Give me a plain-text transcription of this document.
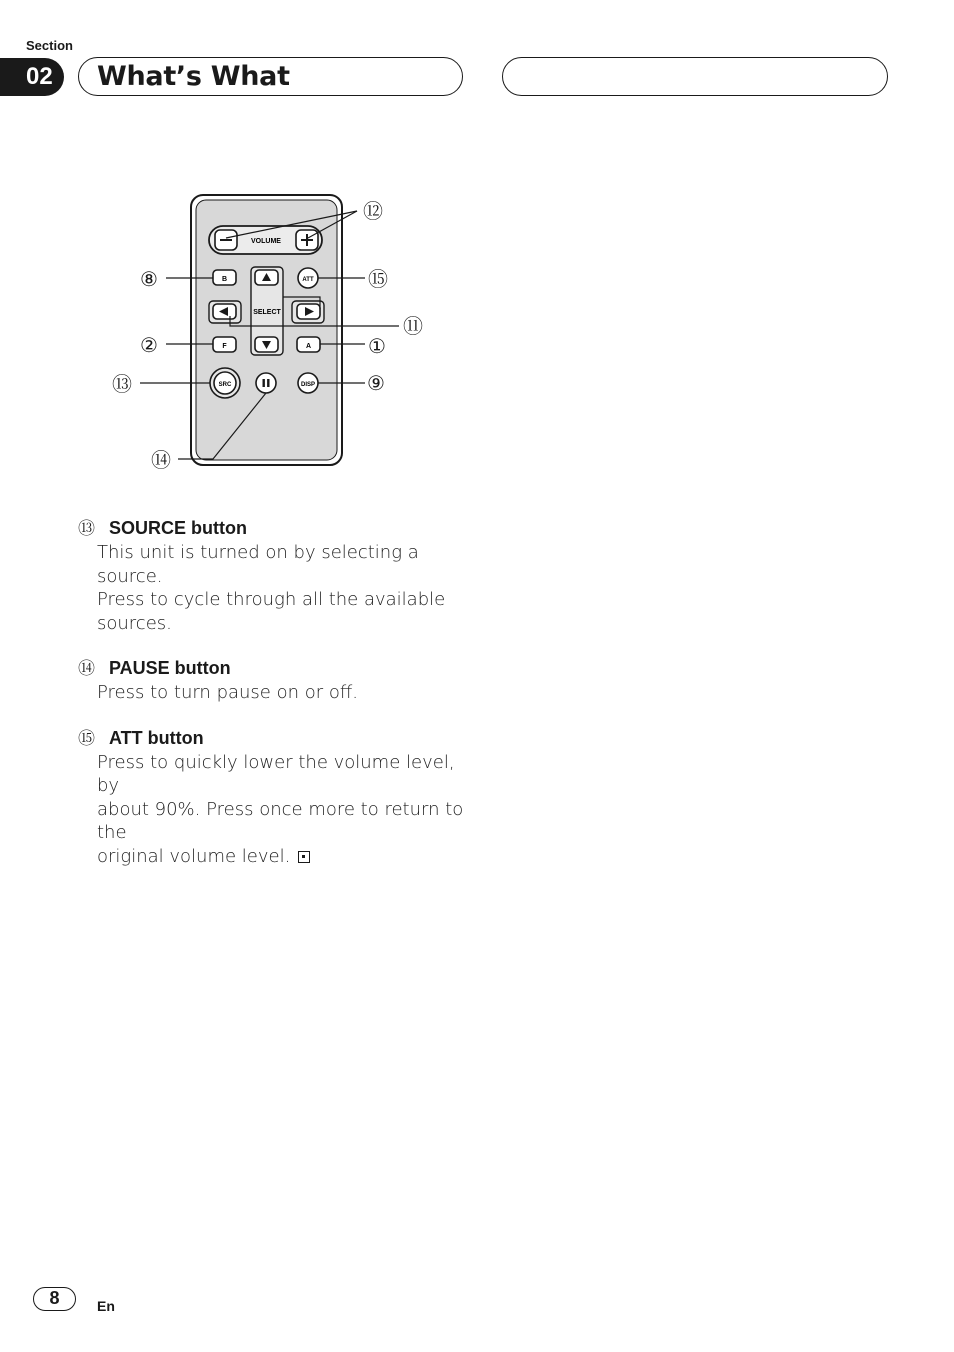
Section
02	What’s What
VOLUME
B	ATT
SELECT
F	A
SRC	DISP
⑫
⑧	⑮
⑪
②	①
⑬	⑨
⑭
⑬ SOURCE button
This unit is turned on by selecting a source.
Press to cycle through all the available
sources.
⑭ PAUSE button
Press to turn pause on or off.
⑮ ATT button
Press to quickly lower the volume level, by
about 90%. Press once more to return to the
original volume level.
8	En
